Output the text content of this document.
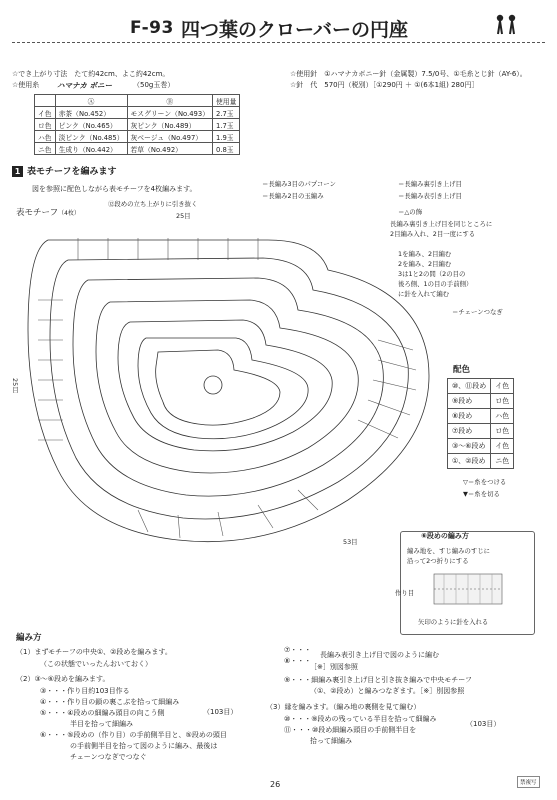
F-93 四つ葉のクローバーの円座
☆でき上がり寸法　たて約42cm、よこ約42cm。
☆使用糸 ハマナカ ボニー	（50g玉巻）
☆使用針　①ハマナカボニー針（金属製）7.5/0号、①毛糸とじ針（AY-6）。
☆針　代　570円（税別）［①290円 ＋ ①(6本1組) 280円］
	Ⓐ	Ⓑ	使用量
イ色	赤茶（No.452）	モスグリーン（No.493）	2.7玉
ロ色	ピンク（No.465）	灰ピンク（No.489）	1.7玉
ハ色	淡ピンク（No.485）	灰ベージュ（No.497）	1.9玉
ニ色	生成り（No.442）	若草（No.492）	0.8玉
1 表モチーフを編みます
図を参照に配色しながら表モチーフを4枚編みます。
表モチーフ（4枚）
⑫段めの立ち上がりに引き抜く
25目
25目
53目
＝長編み3目のパプコーン
＝長編み2目の玉編み
＝長編み裏引き上げ目
＝長編み表引き上げ目
＝△の飾
長編み裏引き上げ目を同じところに
2目編み入れ、2目一度にする
1を編み、2目編む
2を編み、2目編む
3は1と2の間（2の目の
後ろ側、1の目の手前側）
に針を入れて編む
＝チェーンつなぎ
配色
⑩、⑪段め	イ色
⑨段め	ロ色
⑧段め	ハ色
⑦段め	ロ色
③〜⑥段め	イ色
①、②段め	ニ色
▽＝糸をつける
▼＝糸を切る
⑥段めの編み方
編み地を、すじ編みのすじに
沿って2つ折りにする
作り目
矢印のように針を入れる
編み方
（1）まずモチーフの中央①、②段めを編みます。
（この状態でいったんおいておく）
（2）③〜⑥段めを編みます。
③・・・作り目約103目作る
④・・・作り目の鎖の裏こぶを拾って細編み
⑤・・・④段めの細編み頭目の向こう側
半目を拾って細編み
⑥・・・⑤段めの（作り目）の手前側半目と、⑤段めの頭目
の手前側半目を拾って図のように編み、最後は
チェーンつなぎでつなぐ
（103目）
⑦・・・
⑧・・・
長編み表引き上げ目で図のように編む
［※］別図参照
⑨・・・細編み裏引き上げ目と引き抜き編みで中央モチーフ
（①、②段め）と編みつなぎます。［※］別図参照
（3）縁を編みます。（編み地の裏側を見て編む）
⑩・・・⑨段めの残っている半目を拾って細編み
⑪・・・⑩段め細編み頭目の手前側半目を
拾って細編み
（103目）
26	禁複写
